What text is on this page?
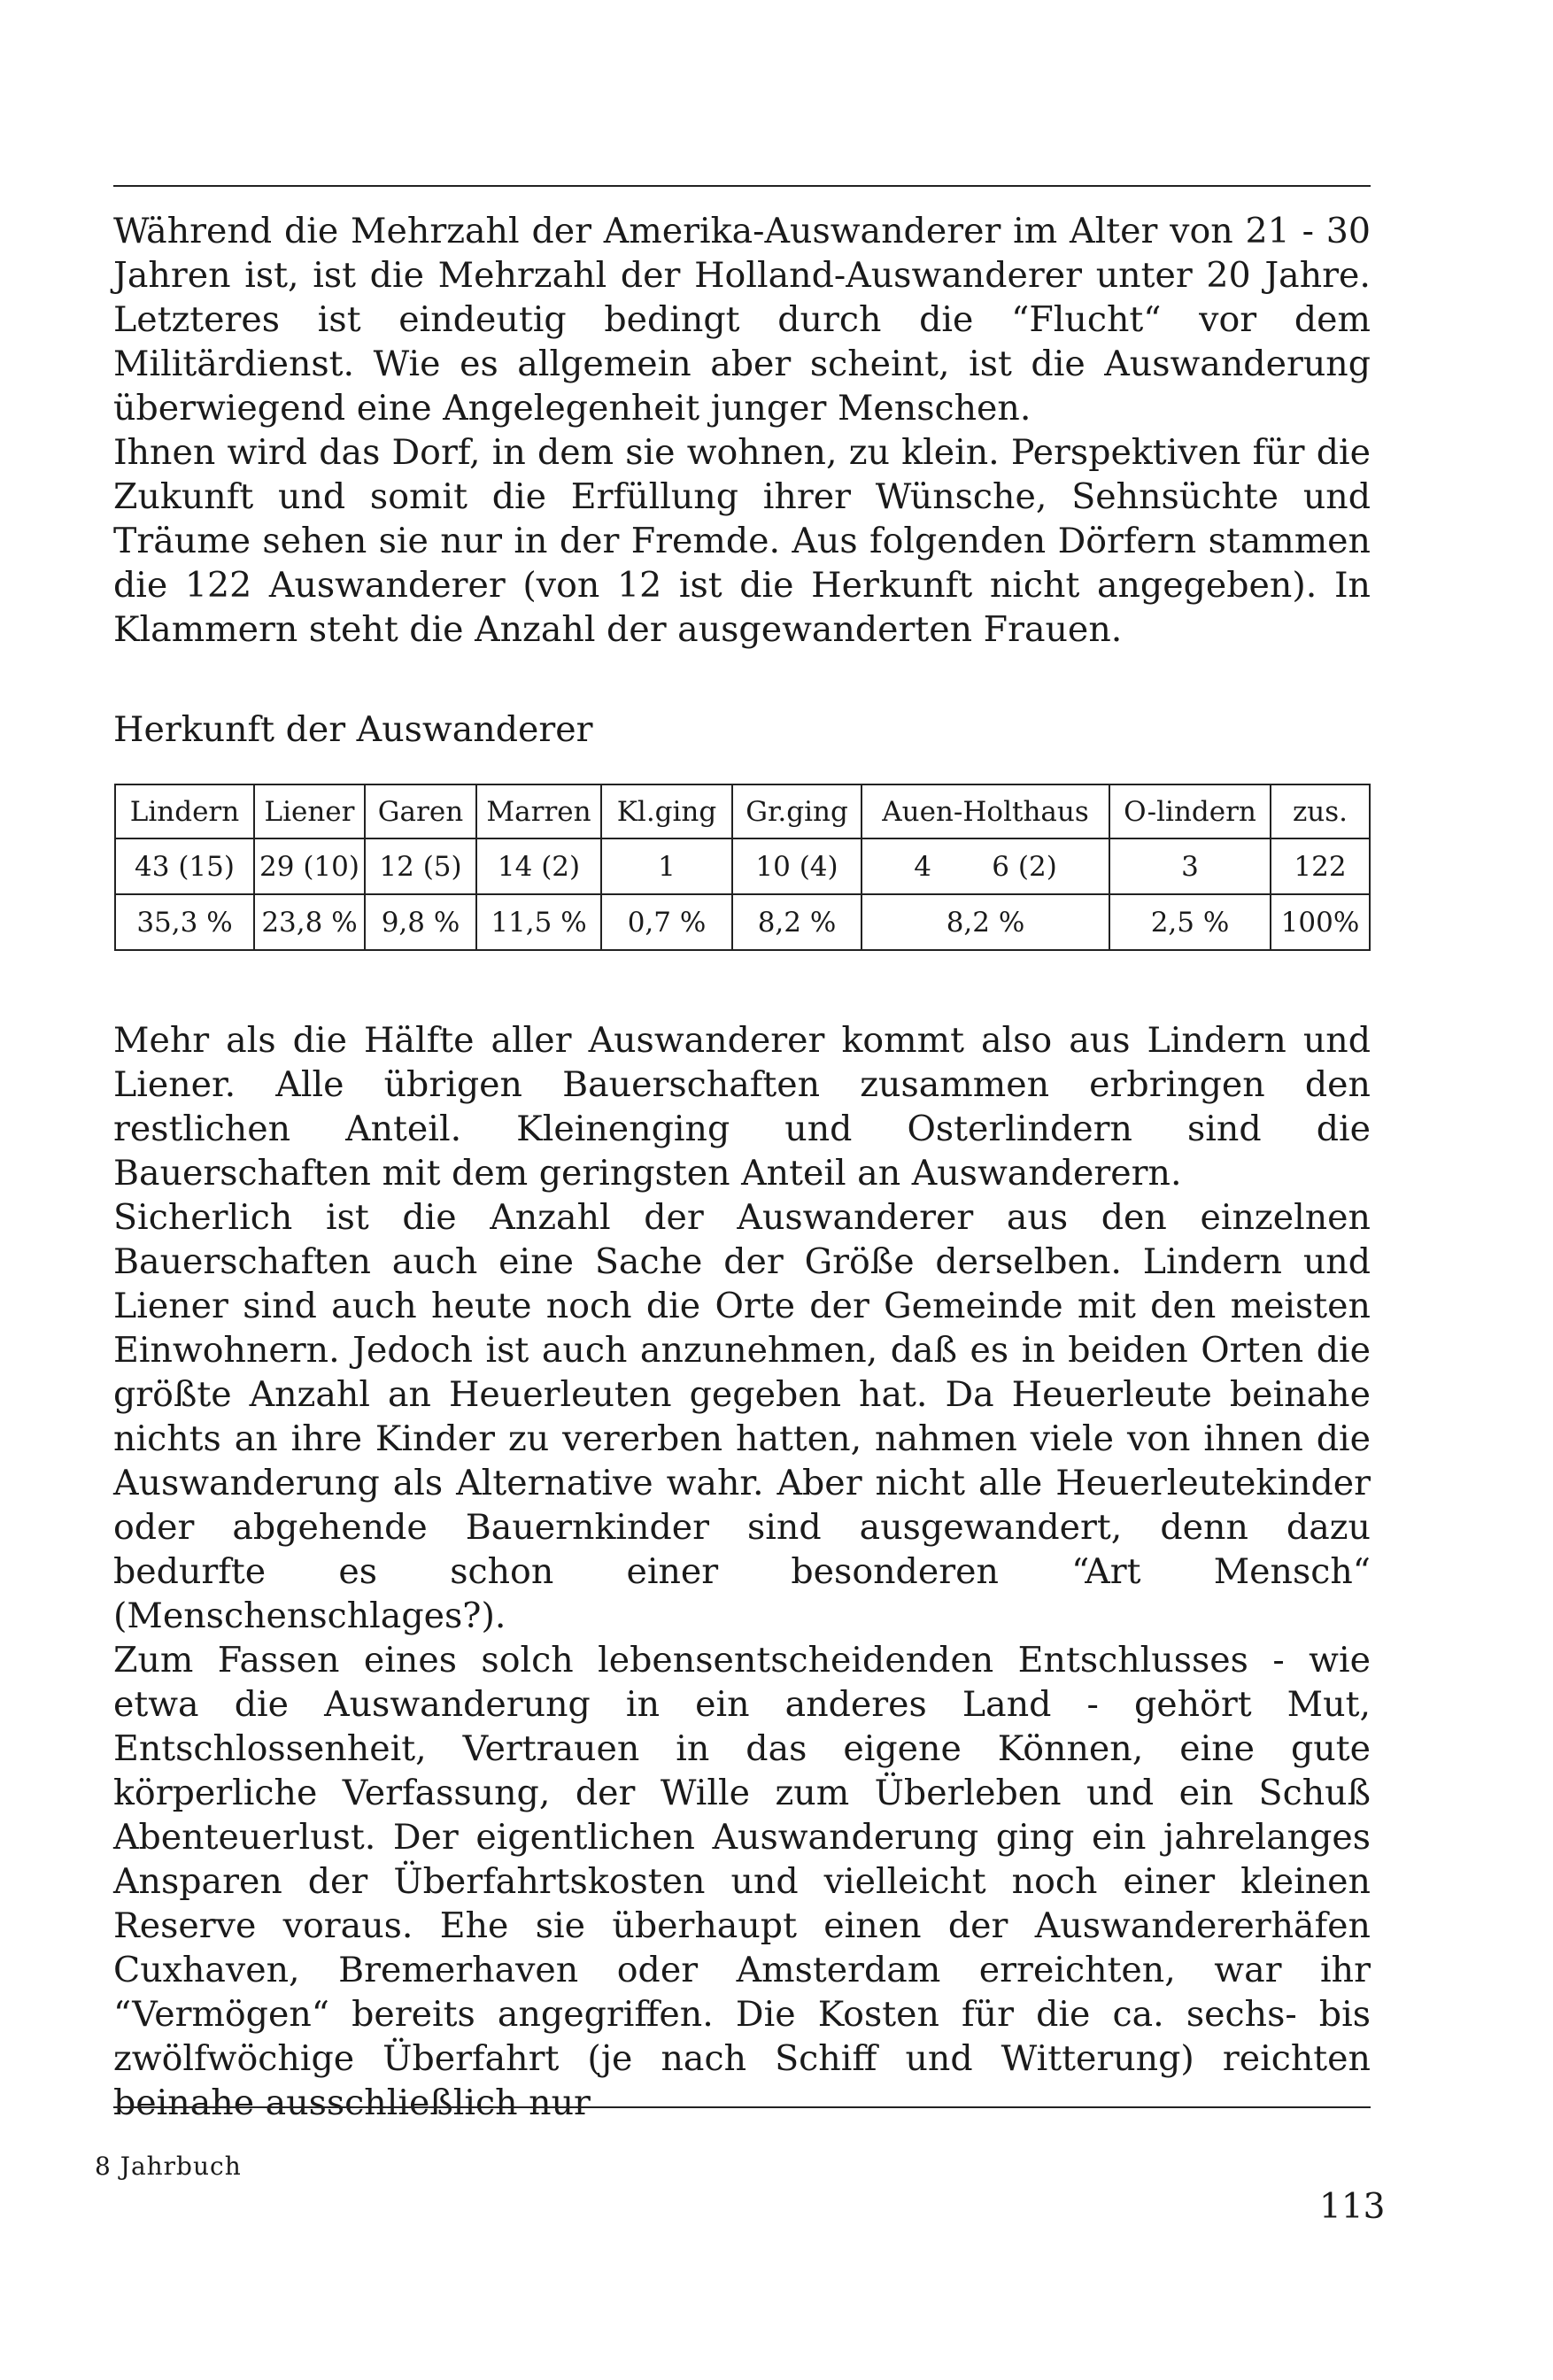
Während die Mehrzahl der Amerika-Auswanderer im Alter von 21 - 30 Jahren ist, ist die Mehrzahl der Holland-Auswanderer unter 20 Jahre. Letzteres ist eindeutig bedingt durch die “Flucht“ vor dem Militärdienst. Wie es allgemein aber scheint, ist die Auswanderung überwiegend eine Angelegenheit junger Menschen.

Ihnen wird das Dorf, in dem sie wohnen, zu klein. Perspektiven für die Zukunft und somit die Erfüllung ihrer Wünsche, Sehnsüchte und Träume sehen sie nur in der Fremde. Aus folgenden Dörfern stammen die 122 Auswanderer (von 12 ist die Herkunft nicht angegeben). In Klammern steht die Anzahl der ausgewanderten Frauen.

Herkunft der Auswanderer
Lindern	Liener	Garen	Marren	Kl.ging	Gr.ging	Auen-Holthaus	O-lindern	zus.
43 (15)	29 (10)	12 (5)	14 (2)	1	10 (4)	4 6 (2)	3	122
35,3 %	23,8 %	9,8 %	11,5 %	0,7 %	8,2 %	8,2 %	2,5 %	100%

Mehr als die Hälfte aller Auswanderer kommt also aus Lindern und Liener. Alle übrigen Bauerschaften zusammen erbringen den restlichen Anteil. Kleinenging und Osterlindern sind die Bauerschaften mit dem geringsten Anteil an Auswanderern.

Sicherlich ist die Anzahl der Auswanderer aus den einzelnen Bauerschaften auch eine Sache der Größe derselben. Lindern und Liener sind auch heute noch die Orte der Gemeinde mit den meisten Einwohnern. Jedoch ist auch anzunehmen, daß es in beiden Orten die größte Anzahl an Heuerleuten gegeben hat. Da Heuerleute beinahe nichts an ihre Kinder zu vererben hatten, nahmen viele von ihnen die Auswanderung als Alternative wahr. Aber nicht alle Heuerleutekinder oder abgehende Bauernkinder sind ausgewandert, denn dazu bedurfte es schon einer besonderen “Art Mensch“ (Menschenschlages?).

Zum Fassen eines solch lebensentscheidenden Entschlusses - wie etwa die Auswanderung in ein anderes Land - gehört Mut, Entschlossenheit, Vertrauen in das eigene Können, eine gute körperliche Verfassung, der Wille zum Überleben und ein Schuß Abenteuerlust. Der eigentlichen Auswanderung ging ein jahrelanges Ansparen der Überfahrtskosten und vielleicht noch einer kleinen Reserve voraus. Ehe sie überhaupt einen der Auswandererhäfen Cuxhaven, Bremerhaven oder Amsterdam erreichten, war ihr “Vermögen“ bereits angegriffen. Die Kosten für die ca. sechs- bis zwölfwöchige Überfahrt (je nach Schiff und Witterung) reichten beinahe ausschließlich nur

8 Jahrbuch
113
